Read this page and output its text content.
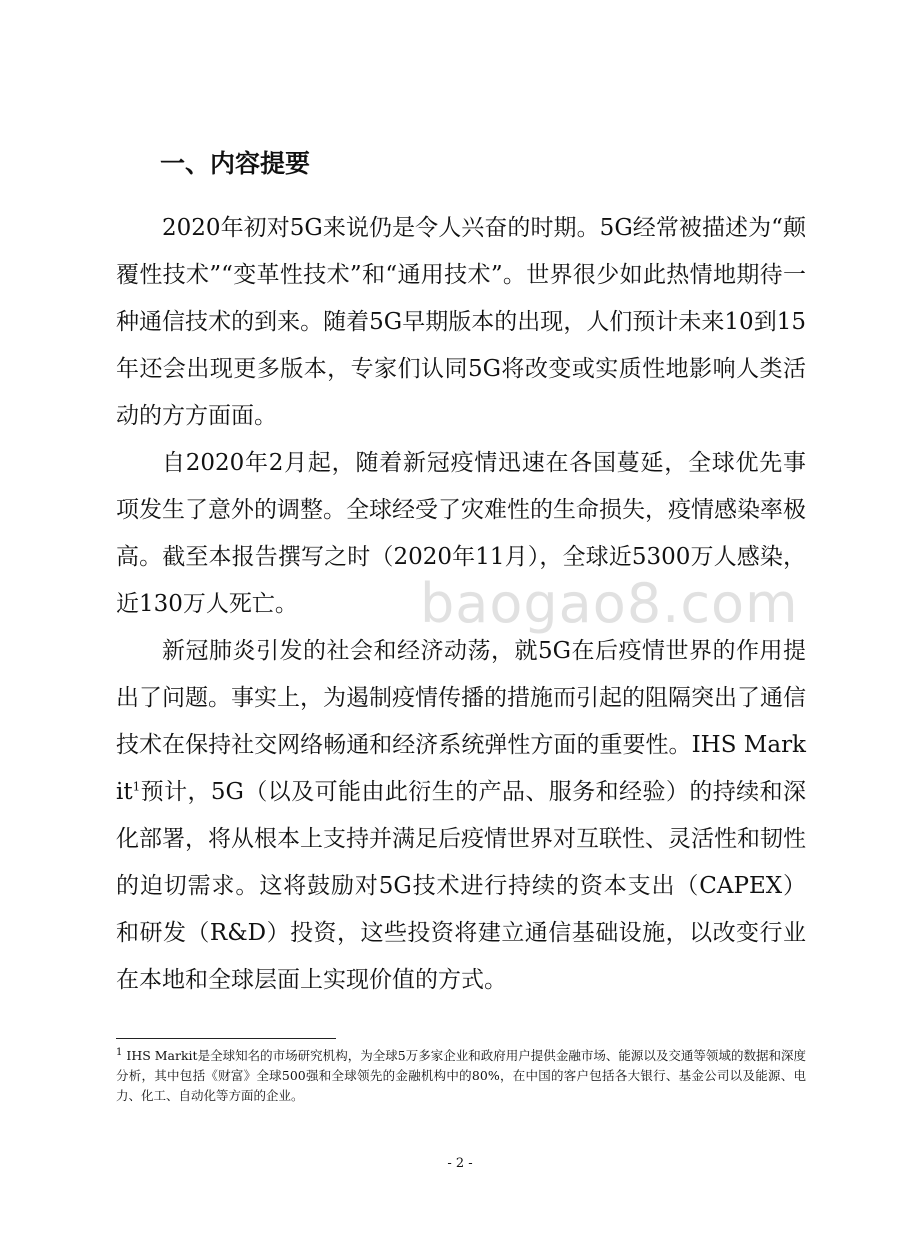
一、内容提要

2020年初对5G来说仍是令人兴奋的时期。5G经常被描述为“颠覆性技术”“变革性技术”和“通用技术”。世界很少如此热情地期待一种通信技术的到来。随着5G早期版本的出现，人们预计未来10到15年还会出现更多版本，专家们认同5G将改变或实质性地影响人类活动的方方面面。

自2020年2月起，随着新冠疫情迅速在各国蔓延，全球优先事项发生了意外的调整。全球经受了灾难性的生命损失，疫情感染率极高。截至本报告撰写之时（2020年11月），全球近5300万人感染，近130万人死亡。

新冠肺炎引发的社会和经济动荡，就5G在后疫情世界的作用提出了问题。事实上，为遏制疫情传播的措施而引起的阻隔突出了通信技术在保持社交网络畅通和经济系统弹性方面的重要性。IHS Markit$^1$预计，5G（以及可能由此衍生的产品、服务和经验）的持续和深化部署，将从根本上支持并满足后疫情世界对互联性、灵活性和韧性的迫切需求。这将鼓励对5G技术进行持续的资本支出（CAPEX）和研发（R&D）投资，这些投资将建立通信基础设施，以改变行业在本地和全球层面上实现价值的方式。

baogao8.com

$^1$ IHS Markit是全球知名的市场研究机构，为全球5万多家企业和政府用户提供金融市场、能源以及交通等领域的数据和深度分析，其中包括《财富》全球500强和全球领先的金融机构中的80%，在中国的客户包括各大银行、基金公司以及能源、电力、化工、自动化等方面的企业。

- 2 -
